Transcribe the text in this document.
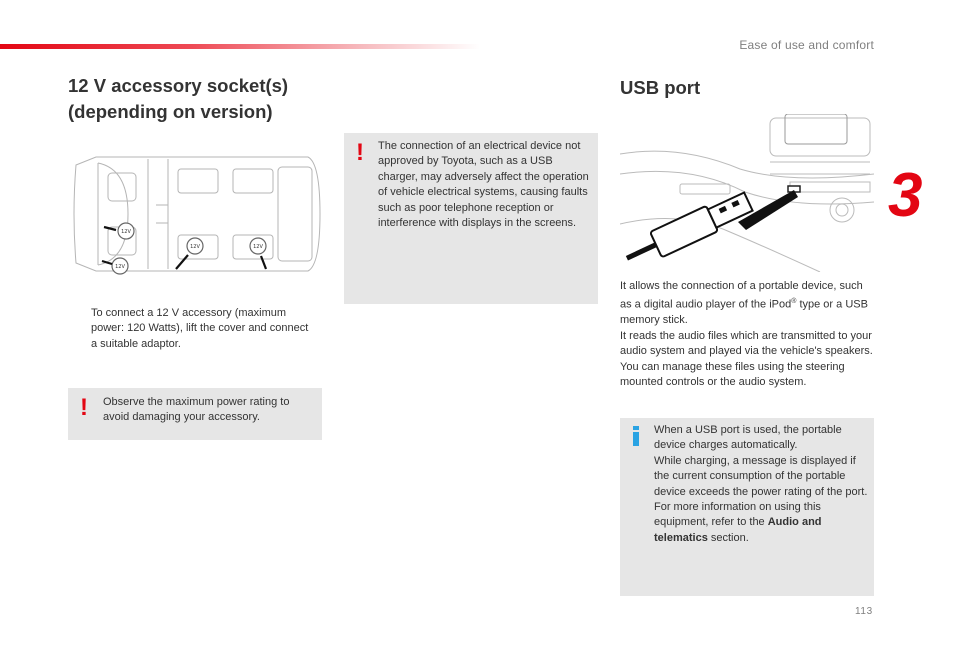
Ease of use and comfort
3
113
12 V accessory socket(s)
(depending on version)
12V
12V
12V	12V
To connect a 12 V accessory (maximum power: 120 Watts), lift the cover and connect a suitable adaptor.
! Observe the maximum power rating to avoid damaging your accessory.
! The connection of an electrical device not approved by Toyota, such as a USB charger, may adversely affect the operation of vehicle electrical systems, causing faults such as poor telephone reception or interference with displays in the screens.
USB port
It allows the connection of a portable device, such as a digital audio player of the iPod® type or a USB memory stick.
It reads the audio files which are transmitted to your audio system and played via the vehicle's speakers.
You can manage these files using the steering mounted controls or the audio system.
When a USB port is used, the portable device charges automatically.
While charging, a message is displayed if the current consumption of the portable device exceeds the power rating of the port.
For more information on using this equipment, refer to the Audio and telematics section.
